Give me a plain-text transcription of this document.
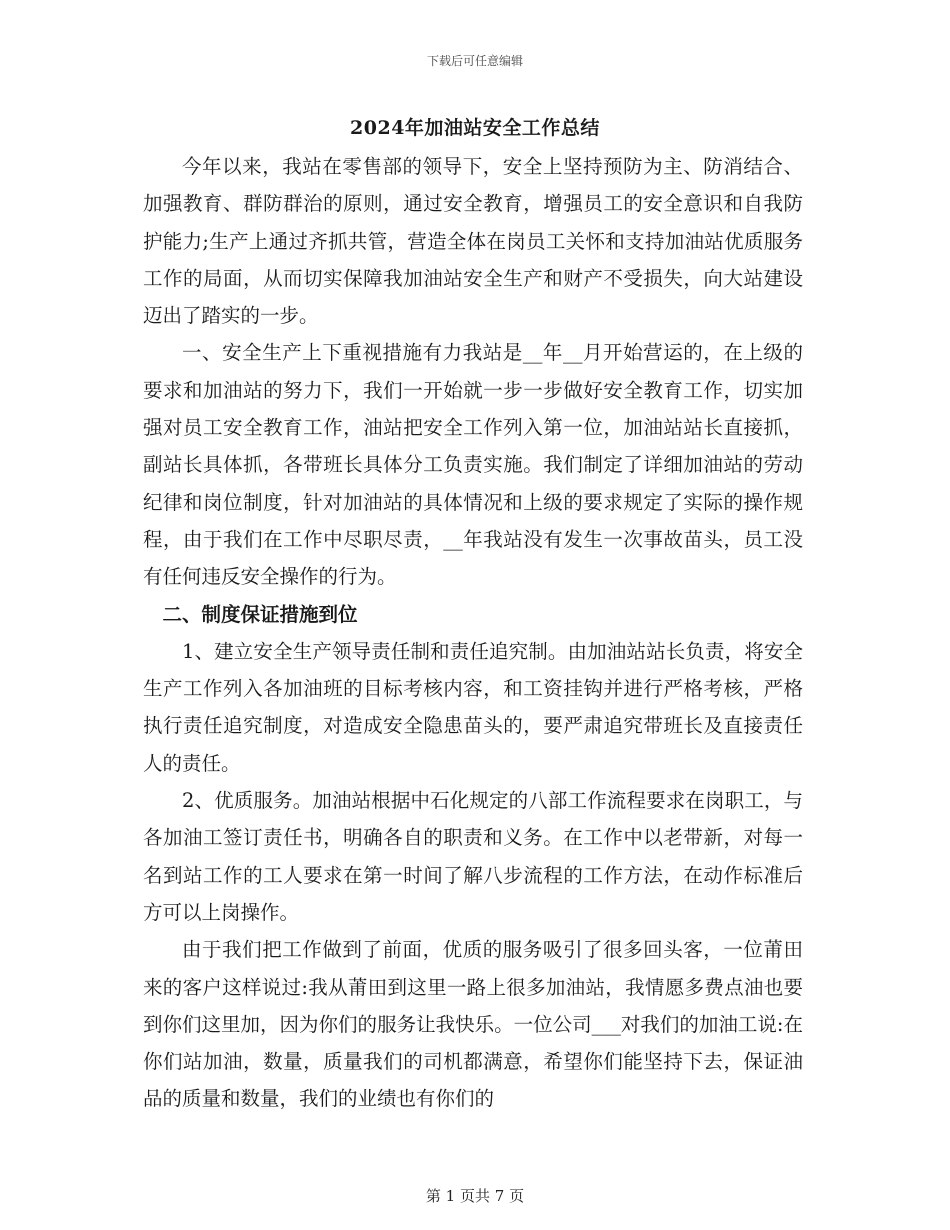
下载后可任意编辑
2024年加油站安全工作总结

今年以来，我站在零售部的领导下，安全上坚持预防为主、防消结合、加强教育、群防群治的原则，通过安全教育，增强员工的安全意识和自我防护能力;生产上通过齐抓共管，营造全体在岗员工关怀和支持加油站优质服务工作的局面，从而切实保障我加油站安全生产和财产不受损失，向大站建设迈出了踏实的一步。

一、安全生产上下重视措施有力我站是__年__月开始营运的，在上级的要求和加油站的努力下，我们一开始就一步一步做好安全教育工作，切实加强对员工安全教育工作，油站把安全工作列入第一位，加油站站长直接抓，副站长具体抓，各带班长具体分工负责实施。我们制定了详细加油站的劳动纪律和岗位制度，针对加油站的具体情况和上级的要求规定了实际的操作规程，由于我们在工作中尽职尽责，__年我站没有发生一次事故苗头，员工没有任何违反安全操作的行为。

二、制度保证措施到位

1、建立安全生产领导责任制和责任追究制。由加油站站长负责，将安全生产工作列入各加油班的目标考核内容，和工资挂钩并进行严格考核，严格执行责任追究制度，对造成安全隐患苗头的，要严肃追究带班长及直接责任人的责任。

2、优质服务。加油站根据中石化规定的八部工作流程要求在岗职工，与各加油工签订责任书，明确各自的职责和义务。在工作中以老带新，对每一名到站工作的工人要求在第一时间了解八步流程的工作方法，在动作标准后方可以上岗操作。

由于我们把工作做到了前面，优质的服务吸引了很多回头客，一位莆田来的客户这样说过:我从莆田到这里一路上很多加油站，我情愿多费点油也要到你们这里加，因为你们的服务让我快乐。一位公司___对我们的加油工说:在你们站加油，数量，质量我们的司机都满意，希望你们能坚持下去，保证油品的质量和数量，我们的业绩也有你们的

第 1 页共 7 页
